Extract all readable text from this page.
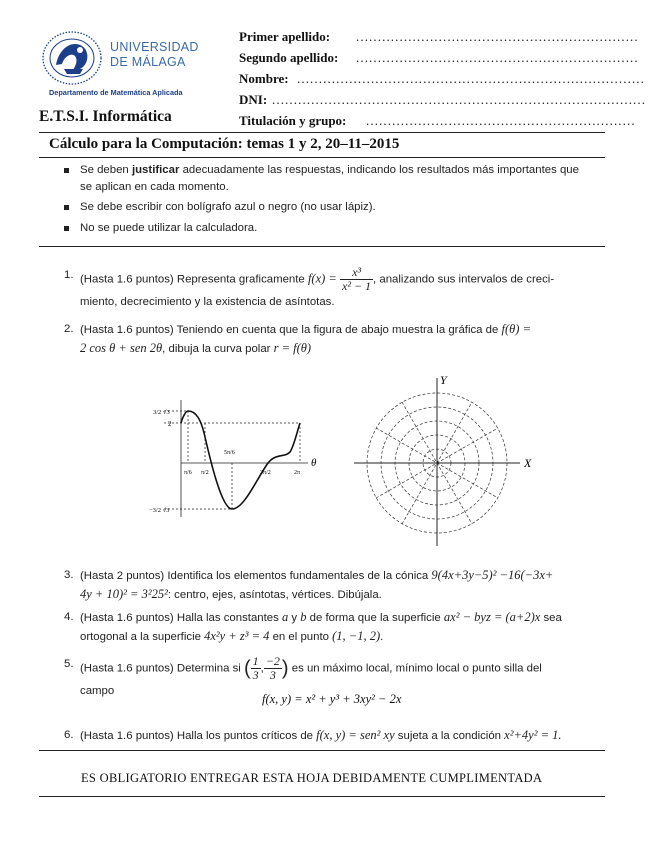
UNIVERSIDAD
DE MÁLAGA
Departamento de Matemática Aplicada
E.T.S.I. Informática
Primer apellido: .................................................................
Segundo apellido: .................................................................
Nombre: ................................................................................
DNI: ......................................................................................
Titulación y grupo: ..............................................................
Cálculo para la Computación: temas 1 y 2, 20–11–2015
Se deben justificar adecuadamente las respuestas, indicando los resultados más importantes que
se aplican en cada momento.
Se debe escribir con bolígrafo azul o negro (no usar lápiz).
No se puede utilizar la calculadora.
1. (Hasta 1.6 puntos) Representa graficamente $f(x) = \frac{\text{x³}}{\text{x² − 1}}$ , analizando sus intervalos de creci-
miento, decrecimiento y la existencia de asíntotas.
2. (Hasta 1.6 puntos) Teniendo en cuenta que la figura de abajo muestra la gráfica de f(θ) =
2 cos θ + sen 2θ, dibuja la curva polar r = f(θ)
3/2 √3
2
−3/2 √3
π/6 π/2
5π/6
3π/2	2π
θ
Y
X
3. (Hasta 2 puntos) Identifica los elementos fundamentales de la cónica 9(4x+3y−5)² −16(−3x+
4y + 10)² = 3²25²: centro, ejes, asíntotas, vértices. Dibújala.
4. (Hasta 1.6 puntos) Halla las constantes a y b de forma que la superficie ax² − byz = (a+2)x sea
ortogonal a la superficie 4x²y + z³ = 4 en el punto (1, −1, 2).
5. (Hasta 1.6 puntos) Determina si ( $\frac{1}{3}$ , $\frac{-2}{3}$ ) es un máximo local, mínimo local o punto silla del
campo
f(x, y) = x² + y³ + 3xy² − 2x
6. (Hasta 1.6 puntos) Halla los puntos críticos de f(x, y) = sen² xy sujeta a la condición x²+4y² = 1.
ES OBLIGATORIO ENTREGAR ESTA HOJA DEBIDAMENTE CUMPLIMENTADA
